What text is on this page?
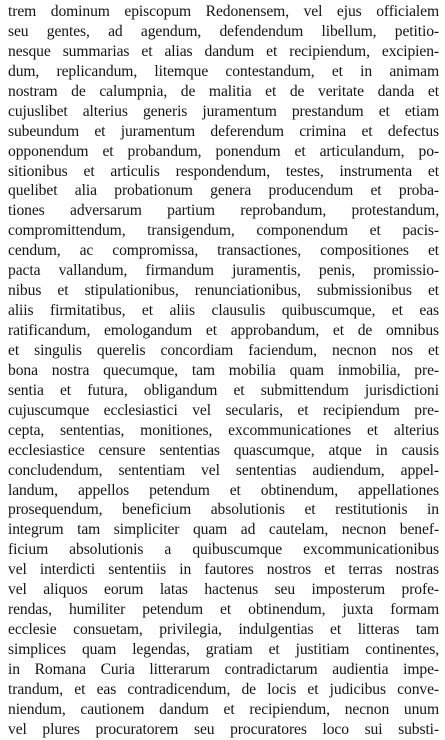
trem dominum episcopum Redonensem, vel ejus officialem
seu gentes, ad agendum, defendendum libellum, petitio-
nesque summarias et alias dandum et recipiendum, excipien-
dum, replicandum, litemque contestandum, et in animam
nostram de calumpnia, de malitia et de veritate danda et
cujuslibet alterius generis juramentum prestandum et etiam
subeundum et juramentum deferendum crimina et defectus
opponendum et probandum, ponendum et articulandum, po-
sitionibus et articulis respondendum, testes, instrumenta et
quelibet alia probationum genera producendum et proba-
tiones adversarum partium reprobandum, protestandum,
compromittendum, transigendum, componendum et pacis-
cendum, ac compromissa, transactiones, compositiones et
pacta vallandum, firmandum juramentis, penis, promissio-
nibus et stipulationibus, renunciationibus, submissionibus et
aliis firmitatibus, et aliis clausulis quibuscumque, et eas
ratificandum, emologandum et approbandum, et de omnibus
et singulis querelis concordiam faciendum, necnon nos et
bona nostra quecumque, tam mobilia quam inmobilia, pre-
sentia et futura, obligandum et submittendum jurisdictioni
cujuscumque ecclesiastici vel secularis, et recipiendum pre-
cepta, sententias, monitiones, excommunicationes et alterius
ecclesiastice censure sententias quascumque, atque in causis
concludendum, sententiam vel sententias audiendum, appel-
landum, appellos petendum et obtinendum, appellationes
prosequendum, beneficium absolutionis et restitutionis in
integrum tam simpliciter quam ad cautelam, necnon benef-
ficium absolutionis a quibuscumque excommunicationibus
vel interdicti sententiis in fautores nostros et terras nostras
vel aliquos eorum latas hactenus seu imposterum profe-
rendas, humiliter petendum et obtinendum, juxta formam
ecclesie consuetam, privilegia, indulgentias et litteras tam
simplices quam legendas, gratiam et justitiam continentes,
in Romana Curia litterarum contradictarum audientia impe-
trandum, et eas contradicendum, de locis et judicibus conve-
niendum, cautionem dandum et recipiendum, necnon unum
vel plures procuratorem seu procuratores loco sui substi-
